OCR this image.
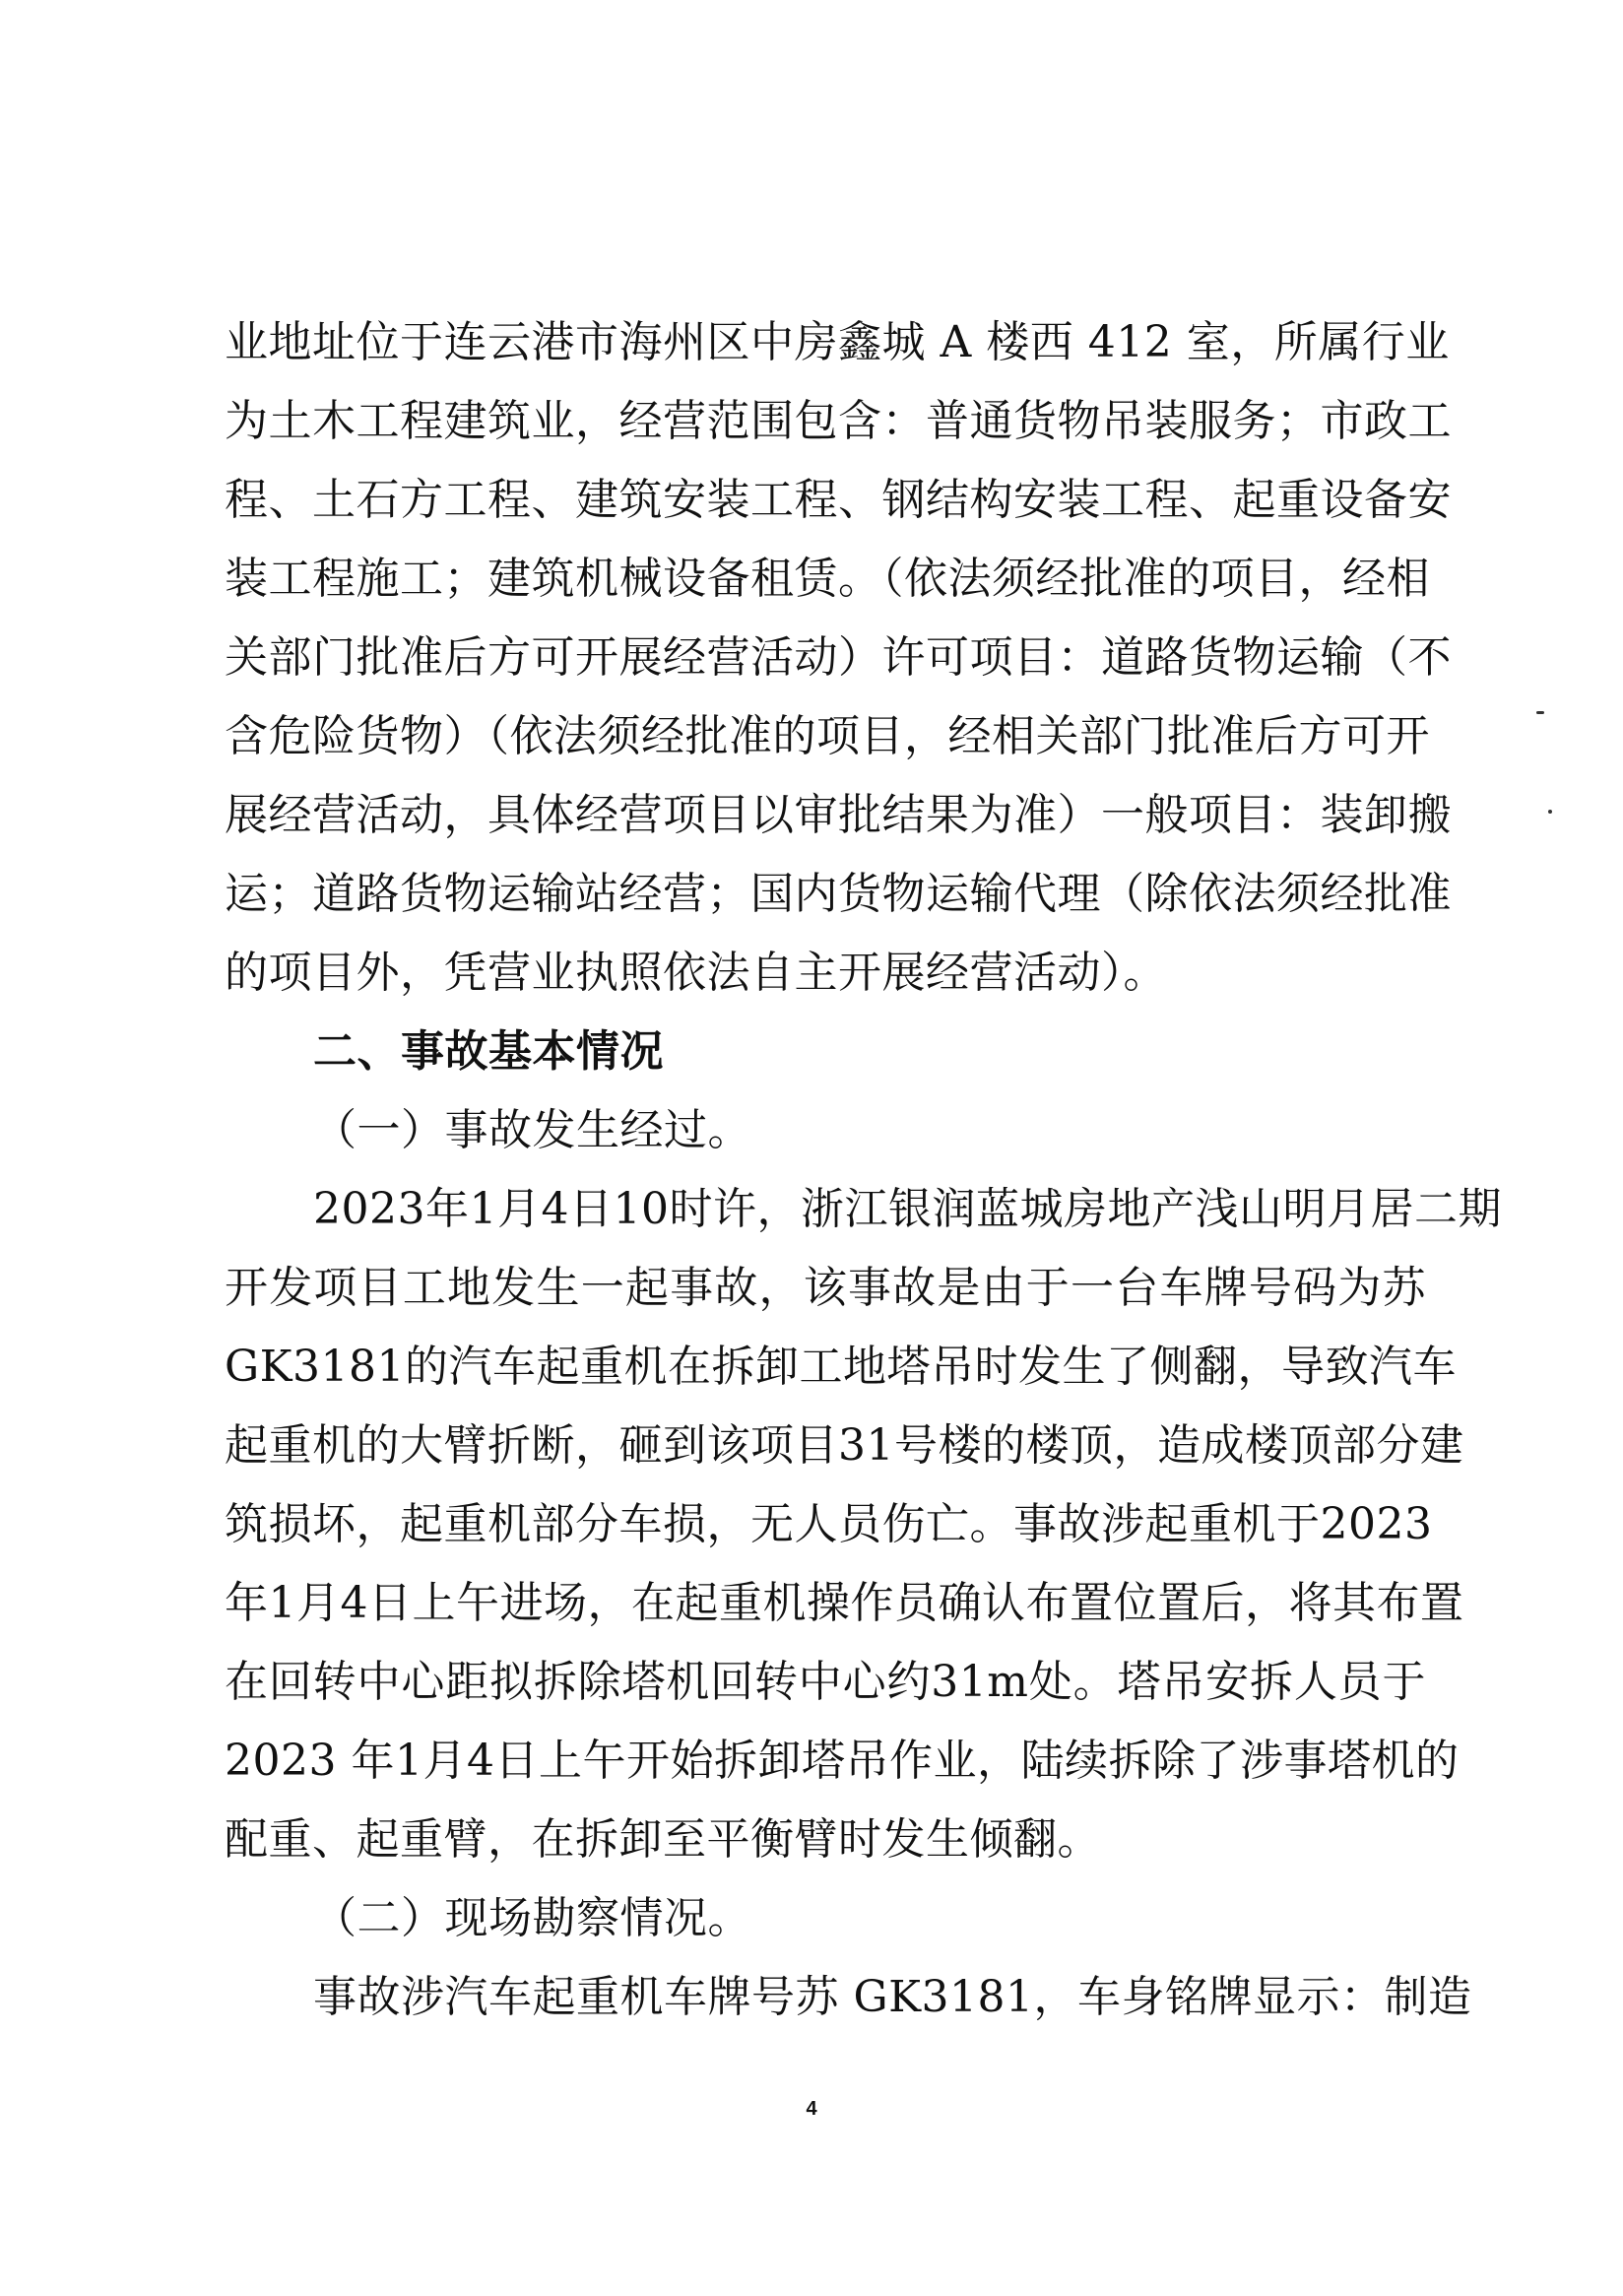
业地址位于连云港市海州区中房鑫城 A 楼西 412 室，所属行业
为土木工程建筑业，经营范围包含：普通货物吊装服务；市政工
程、土石方工程、建筑安装工程、钢结构安装工程、起重设备安
装工程施工；建筑机械设备租赁。（依法须经批准的项目，经相
关部门批准后方可开展经营活动）许可项目：道路货物运输（不
含危险货物）（依法须经批准的项目，经相关部门批准后方可开
展经营活动，具体经营项目以审批结果为准）一般项目：装卸搬
运；道路货物运输站经营；国内货物运输代理（除依法须经批准
的项目外，凭营业执照依法自主开展经营活动）。
二、事故基本情况
（一）事故发生经过。
2023年1月4日10时许，浙江银润蓝城房地产浅山明月居二期
开发项目工地发生一起事故，该事故是由于一台车牌号码为苏
GK3181的汽车起重机在拆卸工地塔吊时发生了侧翻，导致汽车
起重机的大臂折断，砸到该项目31号楼的楼顶，造成楼顶部分建
筑损坏，起重机部分车损，无人员伤亡。事故涉起重机于2023
年1月4日上午进场，在起重机操作员确认布置位置后，将其布置
在回转中心距拟拆除塔机回转中心约31m处。塔吊安拆人员于
2023 年1月4日上午开始拆卸塔吊作业，陆续拆除了涉事塔机的
配重、起重臂，在拆卸至平衡臂时发生倾翻。
（二）现场勘察情况。
事故涉汽车起重机车牌号苏 GK3181，车身铭牌显示：制造
4
